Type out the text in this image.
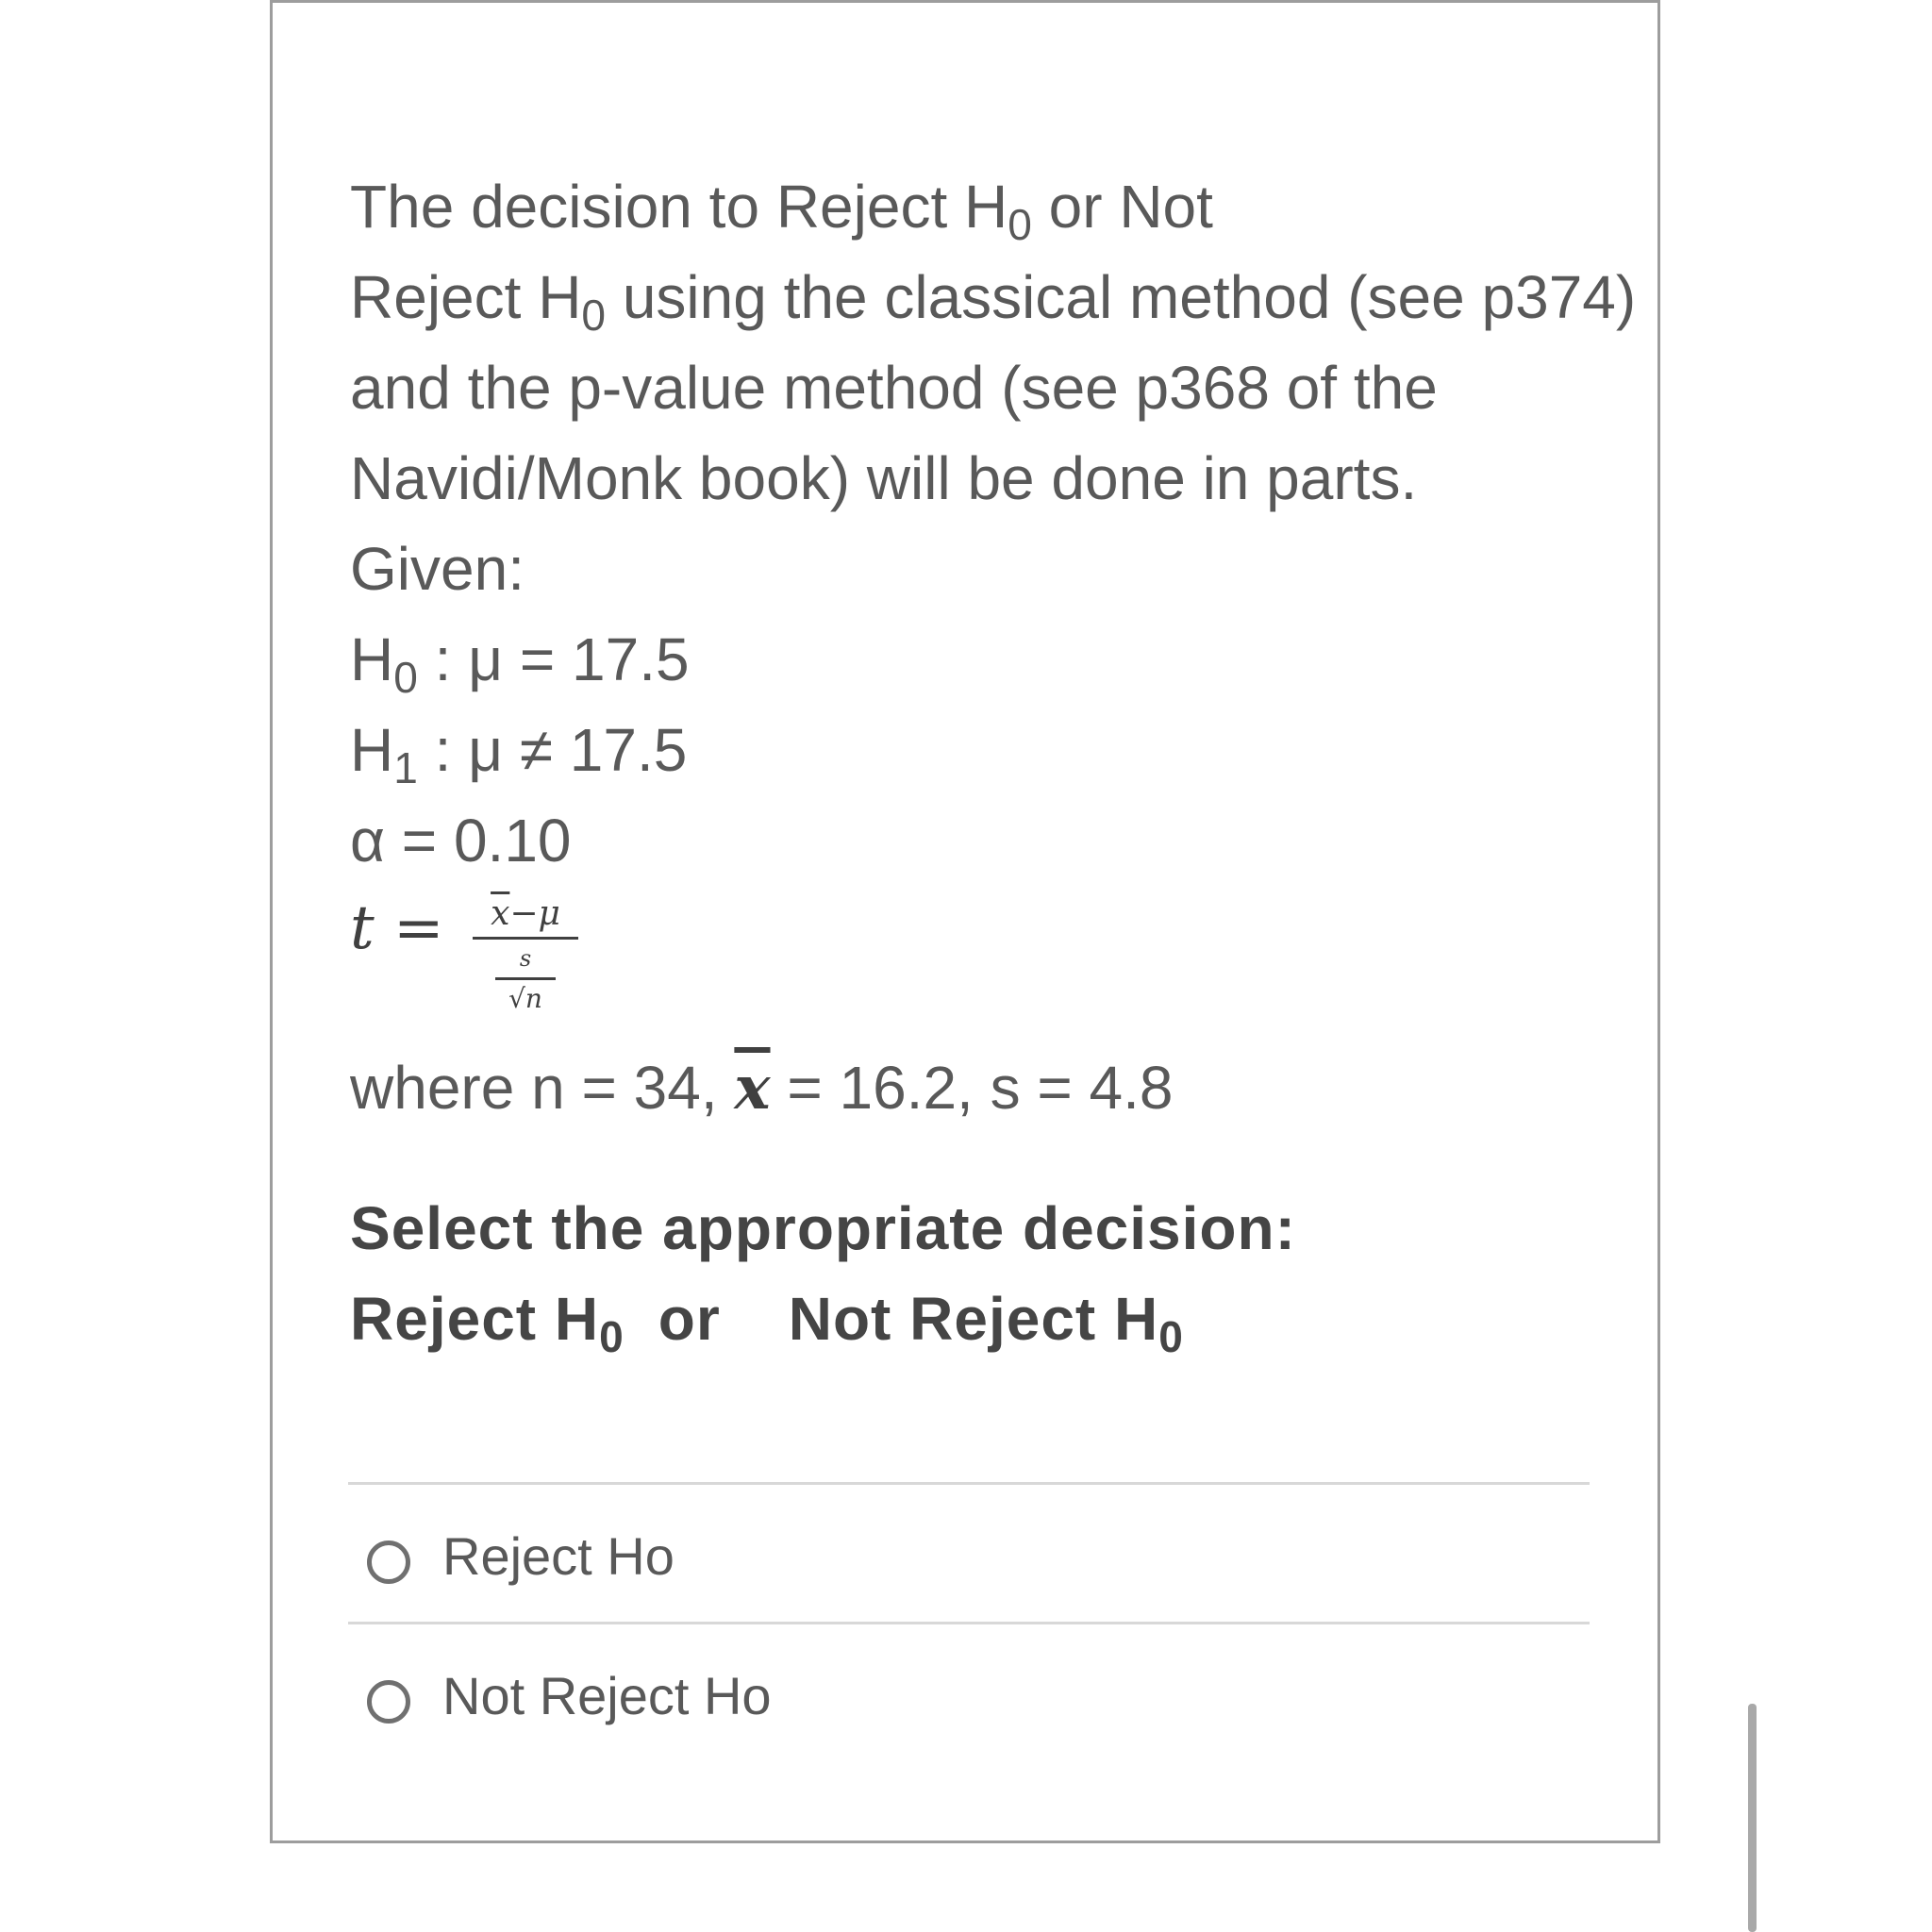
The decision to Reject $H_0$ or Not
Reject $H_0$ using the classical method (see p374)
and the p-value method (see p368 of the
Navidi/Monk book) will be done in parts.
Given:
$H_0$ : μ = 17.5
$H_1$ : μ ≠ 17.5
α = 0.10
t =	$\overline{x}-\mu$
s
√n
where n = 34, $\overline{x} = 16.2$, s = 4.8
Select the appropriate decision:
Reject $H_0$ or Not Reject $H_0$
Reject Ho
Not Reject Ho
